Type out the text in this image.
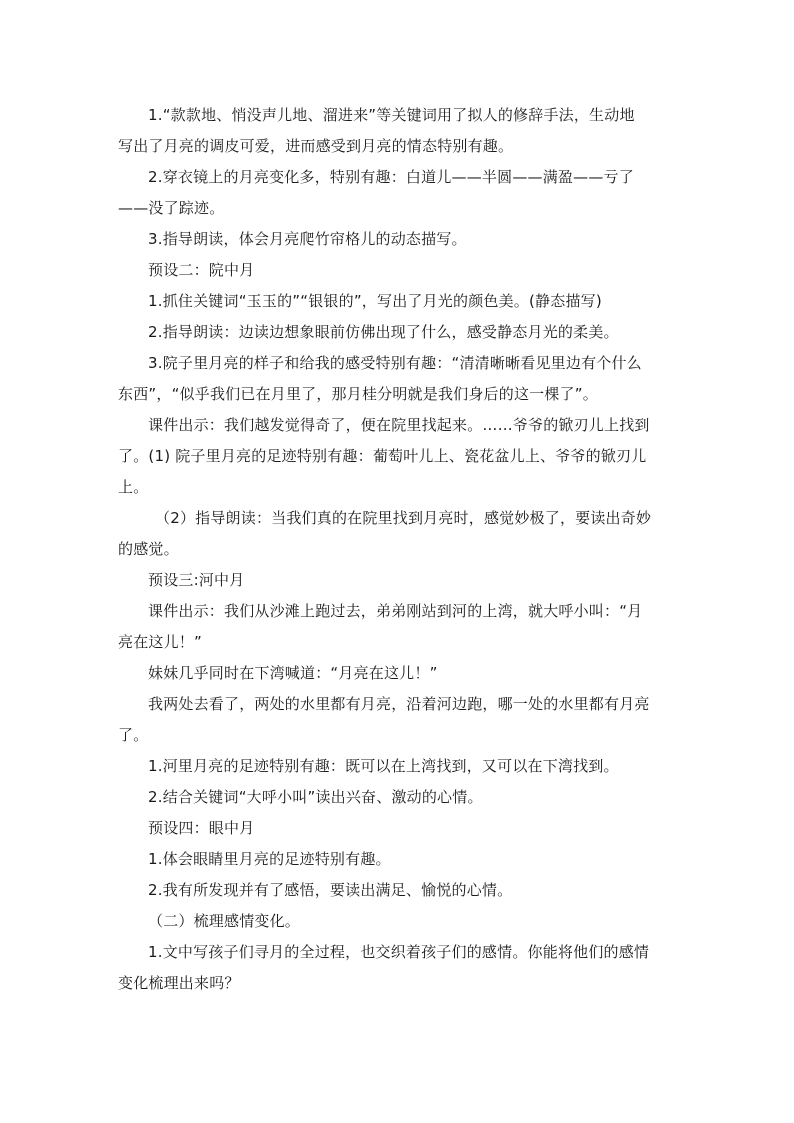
1.“款款地、悄没声儿地、溜进来”等关键词用了拟人的修辞手法，生动地
写出了月亮的调皮可爱，进而感受到月亮的情态特别有趣。
2.穿衣镜上的月亮变化多，特别有趣：白道儿——半圆——满盈——亏了
——没了踪迹。
3.指导朗读，体会月亮爬竹帘格儿的动态描写。
预设二：院中月
1.抓住关键词“玉玉的”“银银的”，写出了月光的颜色美。(静态描写)
2.指导朗读：边读边想象眼前仿佛出现了什么，感受静态月光的柔美。
3.院子里月亮的样子和给我的感受特别有趣：“清清晰晰看见里边有个什么
东西”，“似乎我们已在月里了，那月桂分明就是我们身后的这一棵了”。
课件出示：我们越发觉得奇了，便在院里找起来。……爷爷的锨刃儿上找到
了。(1) 院子里月亮的足迹特别有趣：葡萄叶儿上、瓷花盆儿上、爷爷的锨刃儿
上。
（2）指导朗读：当我们真的在院里找到月亮时，感觉妙极了，要读出奇妙
的感觉。
预设三:河中月
课件出示：我们从沙滩上跑过去，弟弟刚站到河的上湾，就大呼小叫：“月
亮在这儿！”
妹妹几乎同时在下湾喊道：“月亮在这儿！”
我两处去看了，两处的水里都有月亮，沿着河边跑，哪一处的水里都有月亮
了。
1.河里月亮的足迹特别有趣：既可以在上湾找到，又可以在下湾找到。
2.结合关键词“大呼小叫”读出兴奋、激动的心情。
预设四：眼中月
1.体会眼睛里月亮的足迹特别有趣。
2.我有所发现并有了感悟，要读出满足、愉悦的心情。
（二）梳理感情变化。
1.文中写孩子们寻月的全过程，也交织着孩子们的感情。你能将他们的感情
变化梳理出来吗？
